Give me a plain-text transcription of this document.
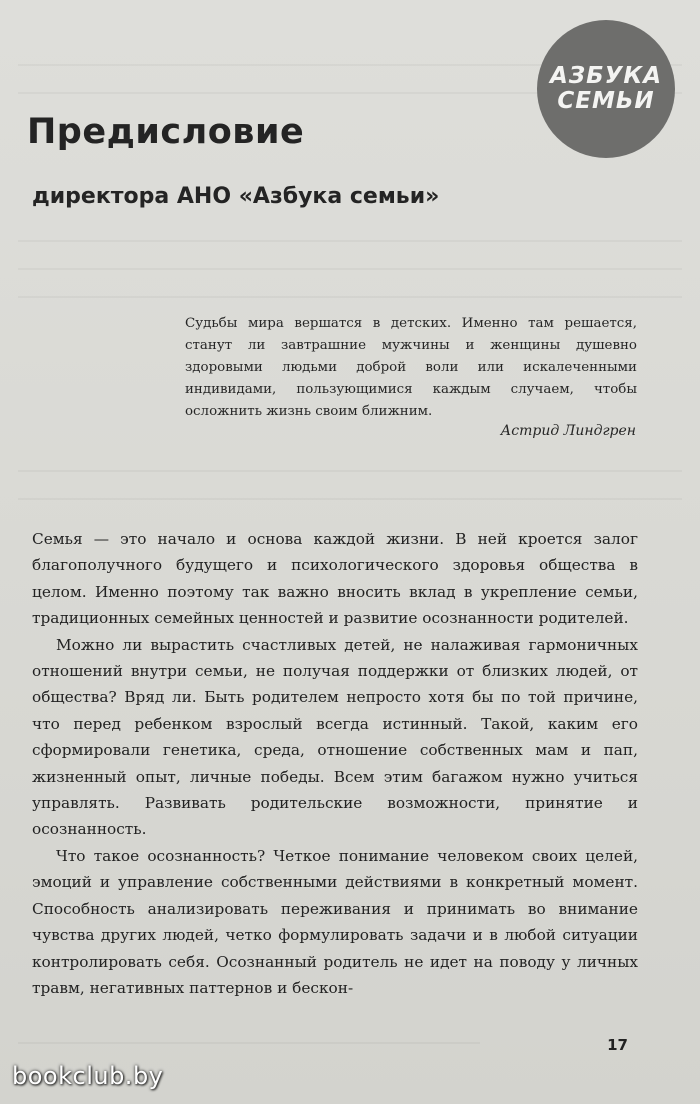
АЗБУКА
СЕМЬИ
Предисловие
директора АНО «Азбука семьи»
Судьбы мира вершатся в детских. Именно там решается, станут ли завтрашние мужчины и женщины душевно здоровыми людьми доброй воли или искалеченными индивидами, пользующимися каждым случаем, чтобы осложнить жизнь своим ближним.
Астрид Линдгрен

Семья — это начало и основа каждой жизни. В ней кроется залог благополучного будущего и психологического здоровья общества в целом. Именно поэтому так важно вносить вклад в укрепление семьи, традиционных семейных ценностей и развитие осознанности родителей.

Можно ли вырастить счастливых детей, не налаживая гармоничных отношений внутри семьи, не получая поддержки от близких людей, от общества? Вряд ли. Быть родителем непросто хотя бы по той причине, что перед ребенком взрослый всегда истинный. Такой, каким его сформировали генетика, среда, отношение собственных мам и пап, жизненный опыт, личные победы. Всем этим багажом нужно учиться управлять. Развивать родительские возможности, принятие и осознанность.

Что такое осознанность? Четкое понимание человеком своих целей, эмоций и управление собственными действиями в конкретный момент. Способность анализировать переживания и принимать во внимание чувства других людей, четко формулировать задачи и в любой ситуации контролировать себя. Осознанный родитель не идет на поводу у личных травм, негативных паттернов и бескон-

17
bookclub.by
